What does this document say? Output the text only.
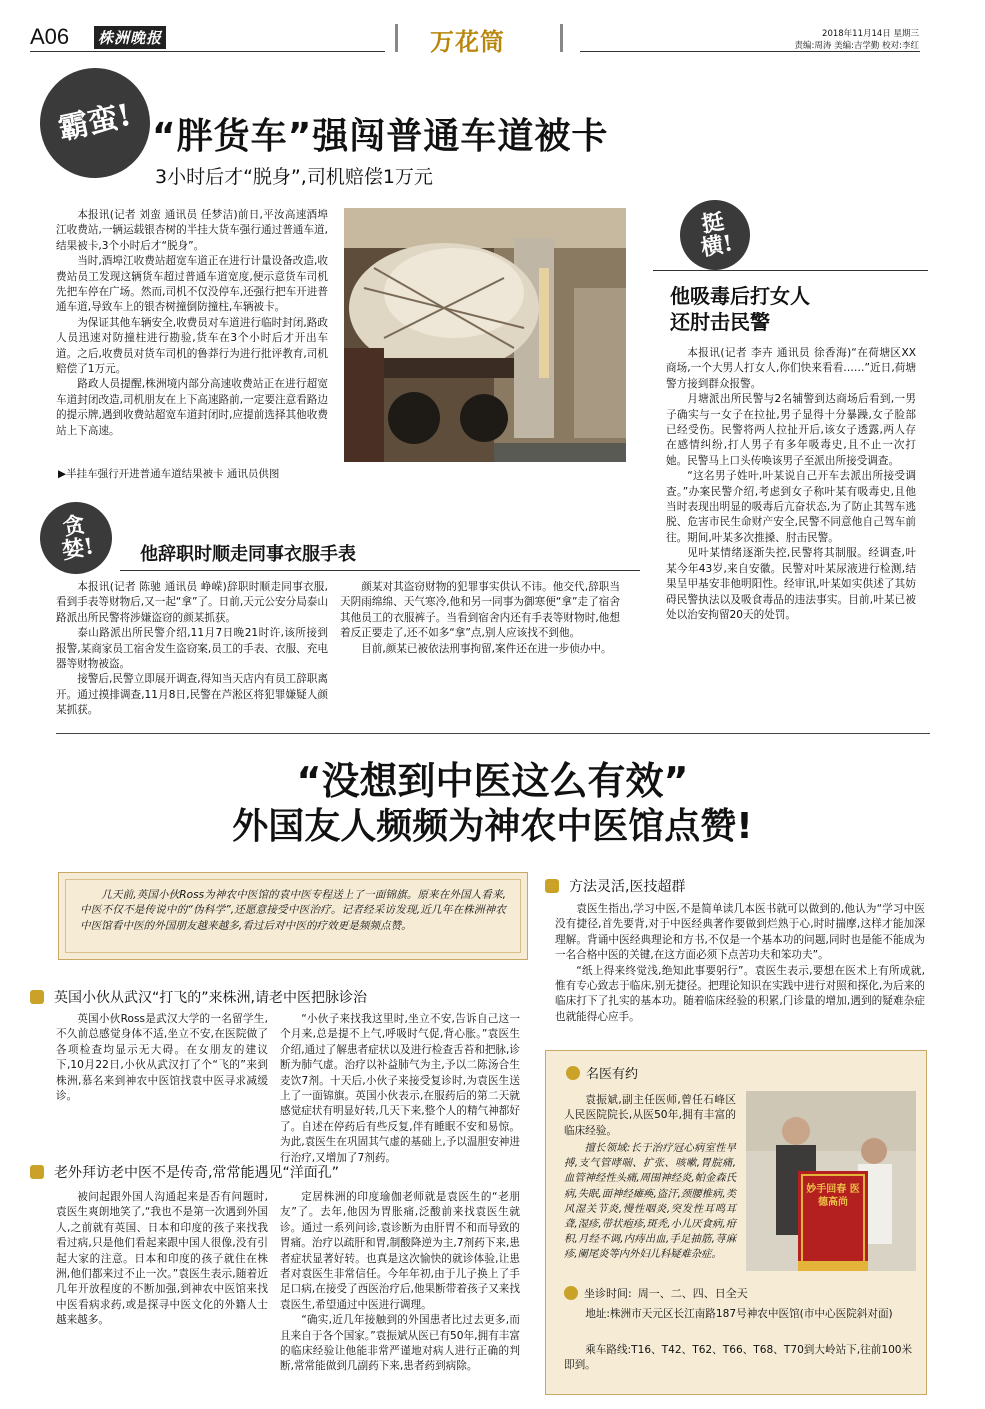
A06 株洲晚报	万花筒	2018年11月14日 星期三
责编:周涛 美编:吉学勤 校对:李红
霸蛮! “胖货车”强闯普通车道被卡
3小时后才“脱身”,司机赔偿1万元

本报讯(记者 刘蛮 通讯员 任梦洁)前日,平汝高速酒埠江收费站,一辆运载银杏树的半挂大货车强行通过普通车道,结果被卡,3个小时后才“脱身”。

当时,酒埠江收费站超宽车道正在进行计量设备改造,收费站员工发现这辆货车超过普通车道宽度,便示意货车司机先把车停在广场。然而,司机不仅没停车,还强行把车开进普通车道,导致车上的银杏树撞倒防撞柱,车辆被卡。

为保证其他车辆安全,收费员对车道进行临时封闭,路政人员迅速对防撞柱进行勘验,货车在3个小时后才开出车道。之后,收费员对货车司机的鲁莽行为进行批评教育,司机赔偿了1万元。

路政人员提醒,株洲境内部分高速收费站正在进行超宽车道封闭改造,司机朋友在上下高速路前,一定要注意看路边的提示牌,遇到收费站超宽车道封闭时,应提前选择其他收费站上下高速。

▶半挂车强行开进普通车道结果被卡 通讯员供图
挺横!
他吸毒后打女人
还肘击民警

本报讯(记者 李卉 通讯员 徐香海)“在荷塘区XX商场,一个大男人打女人,你们快来看看……”近日,荷塘警方接到群众报警。

月塘派出所民警与2名辅警到达商场后看到,一男子确实与一女子在拉扯,男子显得十分暴躁,女子脸部已经受伤。民警将两人拉扯开后,该女子透露,两人存在感情纠纷,打人男子有多年吸毒史,且不止一次打她。民警马上口头传唤该男子至派出所接受调查。

“这名男子姓叶,叶某说自己开车去派出所接受调查。”办案民警介绍,考虑到女子称叶某有吸毒史,且他当时表现出明显的吸毒后亢奋状态,为了防止其驾车逃脱、危害市民生命财产安全,民警不同意他自己驾车前往。期间,叶某多次推搡、肘击民警。

见叶某情绪逐渐失控,民警将其制服。经调查,叶某今年43岁,来自安徽。民警对叶某尿液进行检测,结果呈甲基安非他明阳性。经审讯,叶某如实供述了其妨碍民警执法以及吸食毒品的违法事实。目前,叶某已被处以治安拘留20天的处罚。

贪婪!	他辞职时顺走同事衣服手表

本报讯(记者 陈驰 通讯员 峥嵘)辞职时顺走同事衣服,看到手表等财物后,又一起“拿”了。日前,天元公安分局泰山路派出所民警将涉嫌盗窃的颜某抓获。

泰山路派出所民警介绍,11月7日晚21时许,该所接到报警,某商家员工宿舍发生盗窃案,员工的手表、衣服、充电器等财物被盗。

接警后,民警立即展开调查,得知当天店内有员工辞职离开。通过摸排调查,11月8日,民警在芦淞区将犯罪嫌疑人颜某抓获。

颜某对其盗窃财物的犯罪事实供认不讳。他交代,辞职当天阴雨绵绵、天气寒冷,他和另一同事为御寒便“拿”走了宿舍其他员工的衣服裤子。当看到宿舍内还有手表等财物时,他想着反正要走了,还不如多“拿”点,别人应该找不到他。

目前,颜某已被依法刑事拘留,案件还在进一步侦办中。

“没想到中医这么有效”
外国友人频频为神农中医馆点赞!
几天前,英国小伙Ross为神农中医馆的袁中医专程送上了一面锦旗。原来在外国人看来,中医不仅不是传说中的“伪科学”,还愿意接受中医治疗。记者经采访发现,近几年在株洲神农中医馆看中医的外国朋友越来越多,看过后对中医的疗效更是频频点赞。
英国小伙从武汉“打飞的”来株洲,请老中医把脉诊治

英国小伙Ross是武汉大学的一名留学生,不久前总感觉身体不适,坐立不安,在医院做了各项检查均显示无大碍。在女朋友的建议下,10月22日,小伙从武汉打了个“飞的”来到株洲,慕名来到神农中医馆找袁中医寻求减缓诊。

“小伙子来找我这里时,坐立不安,告诉自己这一个月来,总是提不上气,呼吸时气促,背心胀。”袁医生介绍,通过了解患者症状以及进行检查舌苔和把脉,诊断为肺气虚。治疗以补益肺气为主,予以二陈汤合生麦饮7剂。十天后,小伙子来接受复诊时,为袁医生送上了一面锦旗。英国小伙表示,在服药后的第二天就感觉症状有明显好转,几天下来,整个人的精气神都好了。自述在停药后有些反复,伴有睡眠不安和易惊。为此,袁医生在巩固其气虚的基础上,予以温胆安神进行治疗,又增加了7剂药。

老外拜访老中医不是传奇,常常能遇见“洋面孔”

被问起跟外国人沟通起来是否有问题时,袁医生爽朗地笑了,“我也不是第一次遇到外国人,之前就有英国、日本和印度的孩子来找我看过病,只是他们看起来跟中国人很像,没有引起大家的注意。日本和印度的孩子就住在株洲,他们都来过不止一次。”袁医生表示,随着近几年开放程度的不断加强,到神农中医馆来找中医看病求药,或是探寻中医文化的外籍人士越来越多。

定居株洲的印度瑜伽老师就是袁医生的“老朋友”了。去年,他因为胃胀痛,泛酸前来找袁医生就诊。通过一系列问诊,袁诊断为由肝胃不和而导致的胃痛。治疗以疏肝和胃,制酸降逆为主,7剂药下来,患者症状显著好转。也真是这次愉快的就诊体验,让患者对袁医生非常信任。今年年初,由于儿子换上了手足口病,在接受了西医治疗后,他果断带着孩子又来找袁医生,希望通过中医进行调理。

“确实,近几年接触到的外国患者比过去更多,而且来自于各个国家。”袁振斌从医已有50年,拥有丰富的临床经验让他能非常严谨地对病人进行正确的判断,常常能做到几副药下来,患者药到病除。

方法灵活,医技超群

袁医生指出,学习中医,不是简单读几本医书就可以做到的,他认为“学习中医没有捷径,首先要背,对于中医经典著作要做到烂熟于心,时时揣摩,这样才能加深理解。背诵中医经典理论和方书,不仅是一个基本功的问题,同时也是能不能成为一名合格中医的关键,在这方面必须下点苦功夫和笨功夫”。

“纸上得来终觉浅,绝知此事要躬行”。袁医生表示,要想在医术上有所成就,惟有专心致志于临床,别无捷径。把理论知识在实践中进行对照和探化,为后来的临床打下了扎实的基本功。随着临床经验的积累,门诊量的增加,遇到的疑难杂症也就能得心应手。

名医有约
袁振斌,副主任医师,曾任石峰区人民医院院长,从医50年,拥有丰富的临床经验。
擅长领域:长于治疗冠心病室性早搏,支气管哮喘、扩张、咳嗽,胃脘痛,血管神经性头痛,周围神经炎,帕金森氏病,失眠,面神经瘫痪,盗汗,颈腰椎病,类风湿关节炎,慢性咽炎,突发性耳鸣耳聋,湿疹,带状疱疹,斑秃,小儿厌食病,疳积,月经不调,内痔出血,手足抽筋,荨麻疹,阑尾炎等内外妇儿科疑难杂症。
妙手回春 医德高尚
坐诊时间: 周一、二、四、日全天
地址:株洲市天元区长江南路187号神农中医馆(市中心医院斜对面)
乘车路线:T16、T42、T62、T66、T68、T70到大岭站下,往前100米即到。
